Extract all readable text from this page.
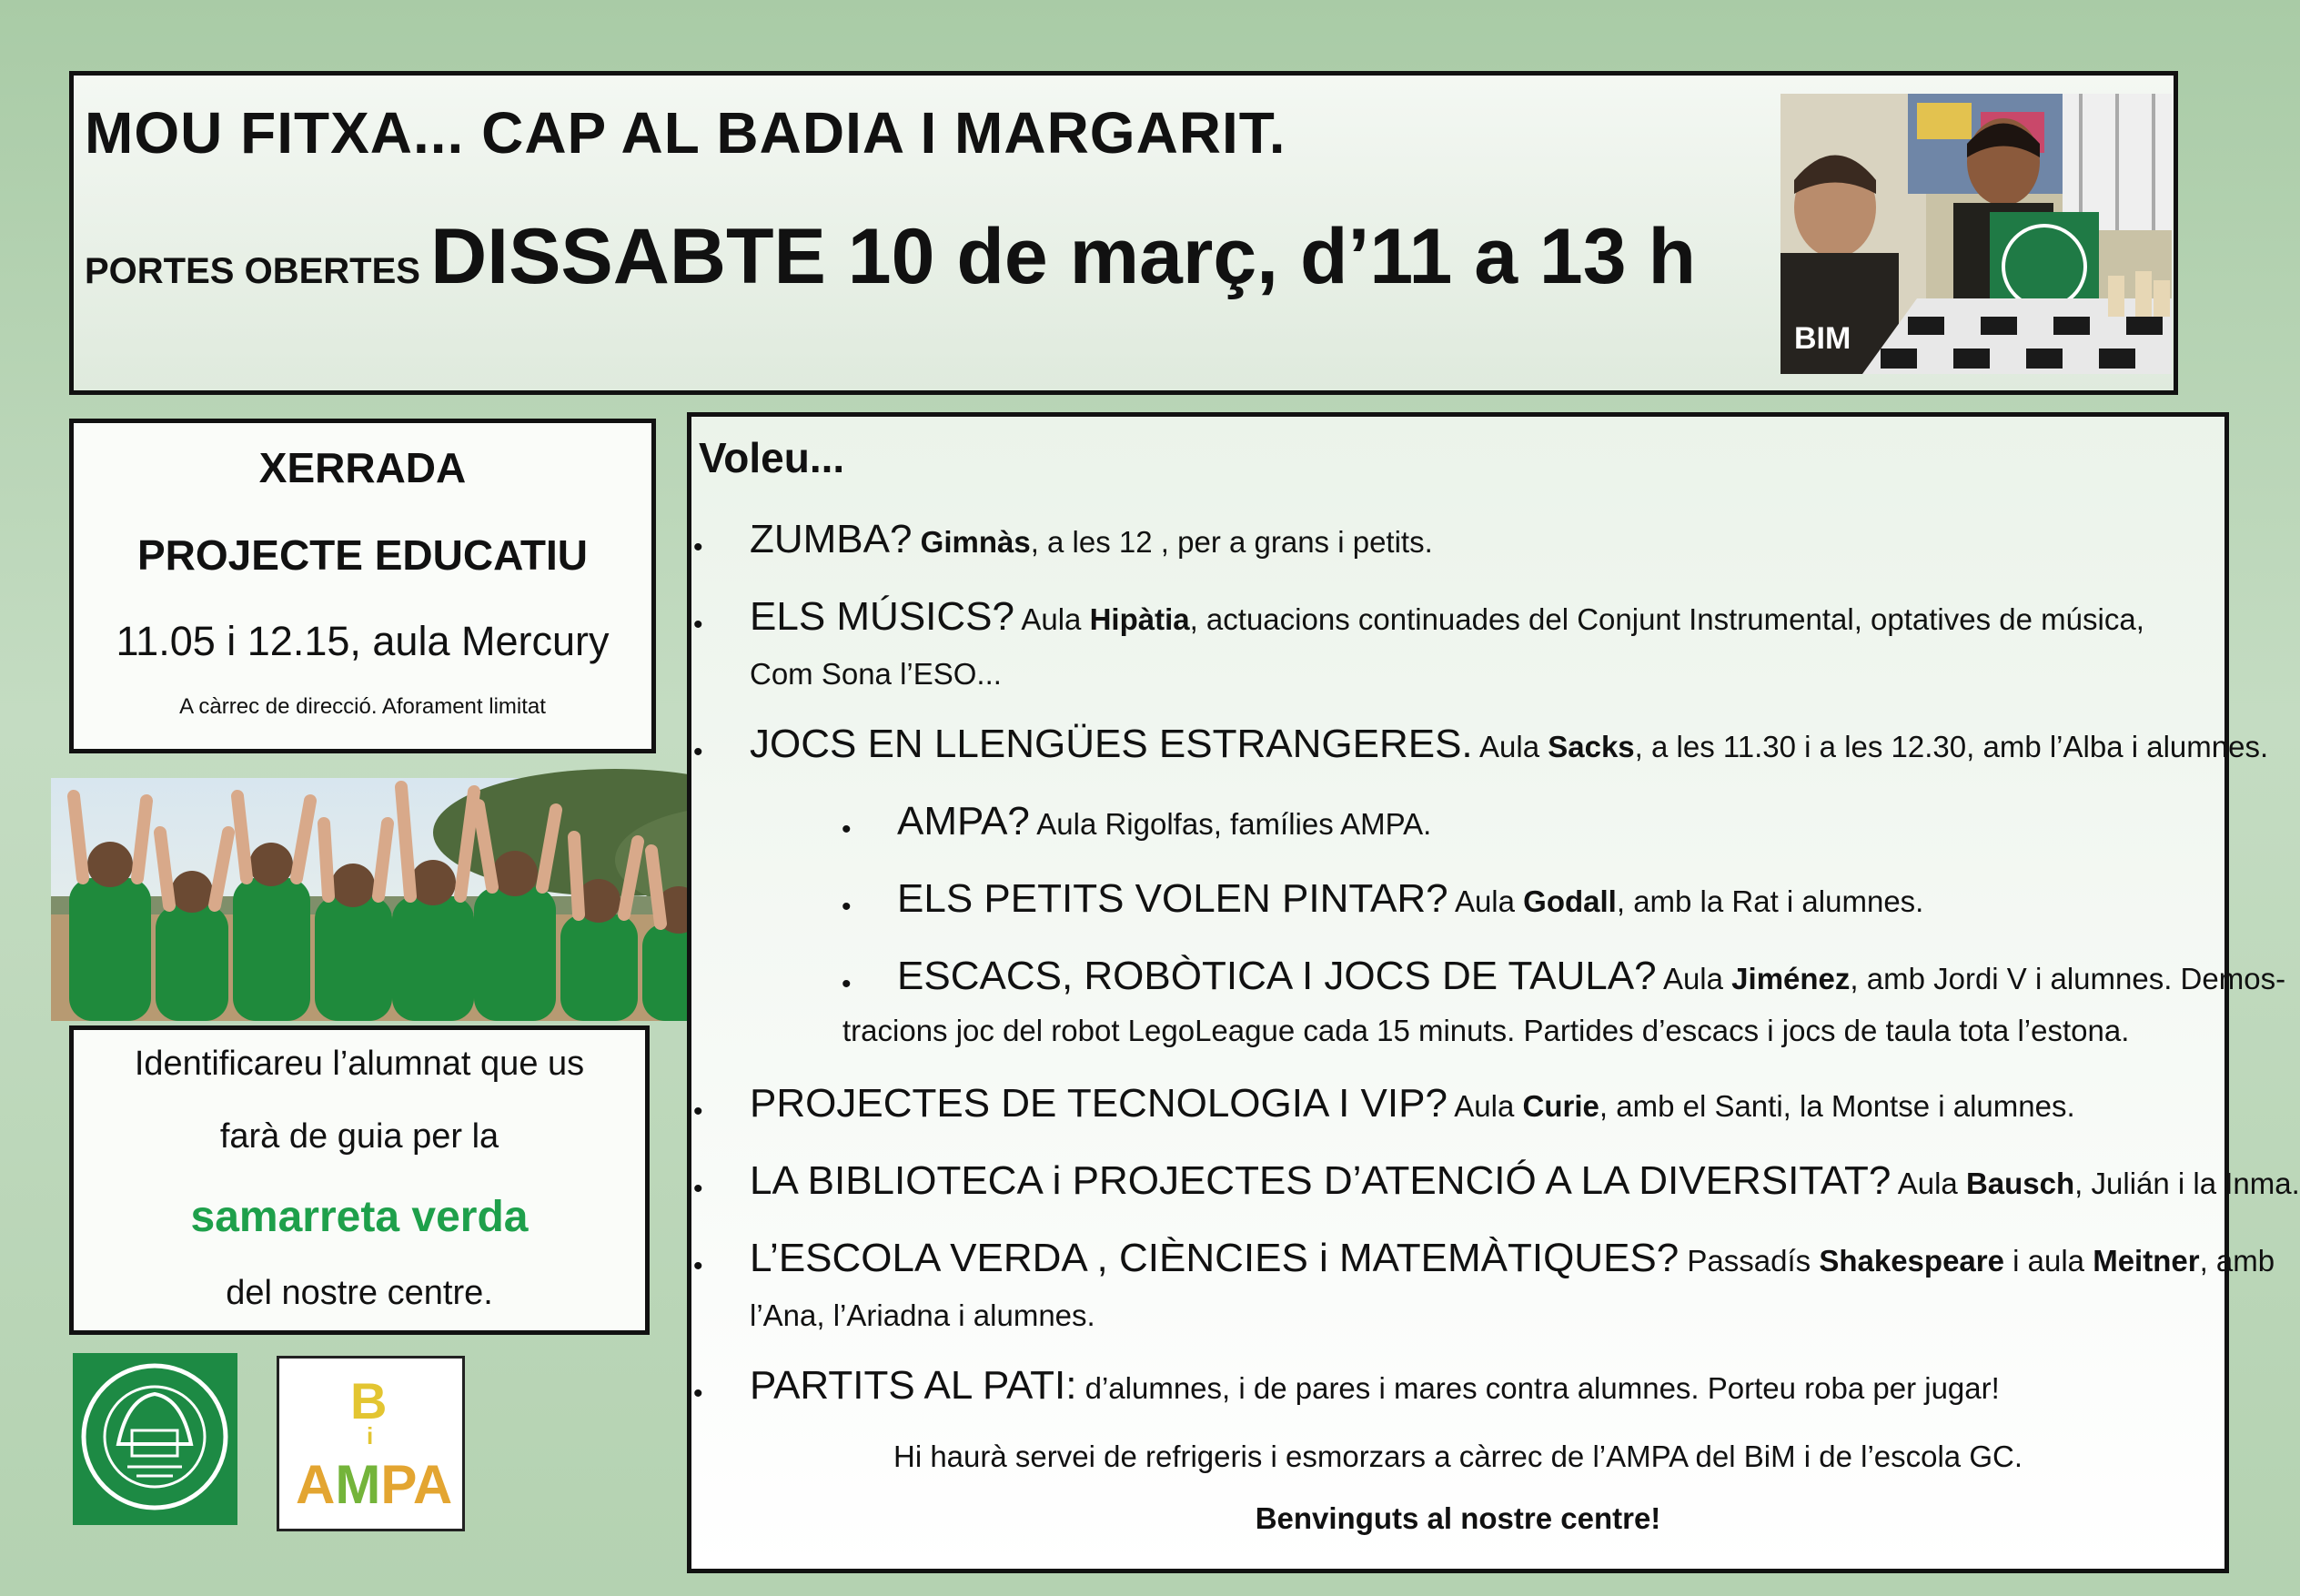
MOU FITXA... CAP AL BADIA I MARGARIT.
PORTES OBERTES DISSABTE 10 de març, d’11 a 13 h
BIM
XERRADA
PROJECTE EDUCATIU
11.05 i 12.15, aula Mercury
A càrrec de direcció. Aforament limitat
Identificareu l’alumnat que us
farà de guia per la
samarreta verda
del nostre centre.
B
i
AMPA
Voleu...
• ZUMBA? Gimnàs, a les 12 , per a grans i petits.
• ELS MÚSICS? Aula Hipàtia, actuacions continuades del Conjunt Instrumental, optatives de música,
Com Sona l’ESO...
• JOCS EN LLENGÜES ESTRANGERES. Aula Sacks, a les 11.30 i a les 12.30, amb l’Alba i alumnes.
• AMPA? Aula Rigolfas, famílies AMPA.
• ELS PETITS VOLEN PINTAR? Aula Godall, amb la Rat i alumnes.
• ESCACS, ROBÒTICA I JOCS DE TAULA? Aula Jiménez, amb Jordi V i alumnes. Demos-
tracions joc del robot LegoLeague cada 15 minuts. Partides d’escacs i jocs de taula tota l’estona.
• PROJECTES DE TECNOLOGIA I VIP? Aula Curie, amb el Santi, la Montse i alumnes.
• LA BIBLIOTECA i PROJECTES D’ATENCIÓ A LA DIVERSITAT? Aula Bausch, Julián i la Inma.
• L’ESCOLA VERDA , CIÈNCIES i MATEMÀTIQUES? Passadís Shakespeare i aula Meitner, amb
l’Ana, l’Ariadna i alumnes.
• PARTITS AL PATI: d’alumnes, i de pares i mares contra alumnes. Porteu roba per jugar!
Hi haurà servei de refrigeris i esmorzars a càrrec de l’AMPA del BiM i de l’escola GC.
Benvinguts al nostre centre!
